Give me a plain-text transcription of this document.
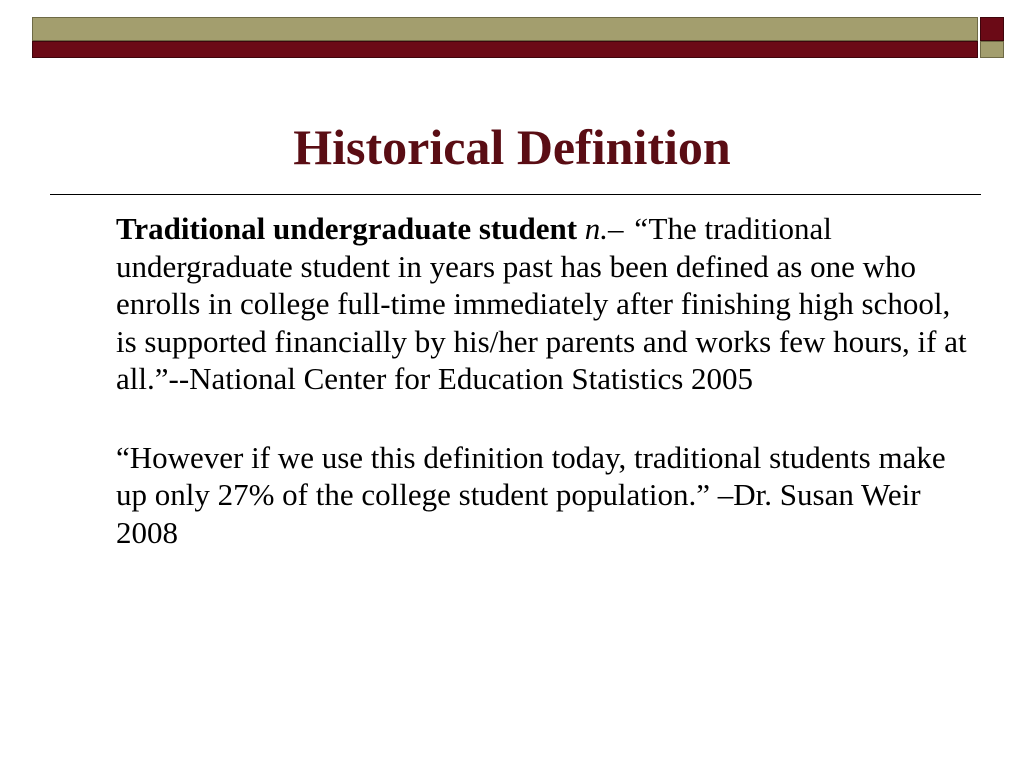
Historical Definition

Traditional undergraduate student n.– “The traditional undergraduate student in years past has been defined as one who enrolls in college full-time immediately after finishing high school, is supported financially by his/her parents and works few hours, if at all.”--National Center for Education Statistics 2005

“However if we use this definition today, traditional students make up only 27% of the college student population.” –Dr. Susan Weir 2008
